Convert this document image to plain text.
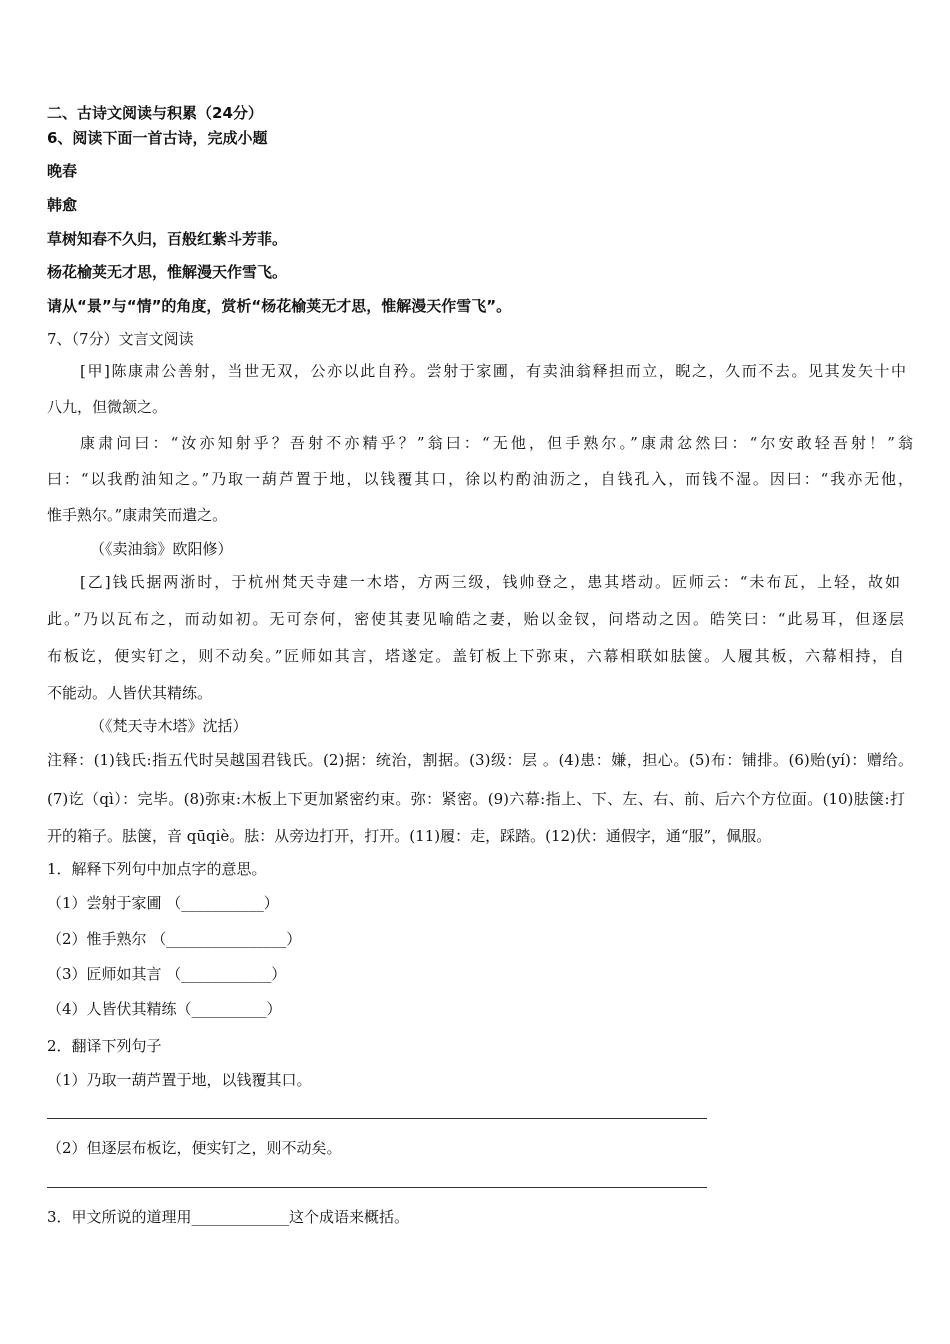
二、古诗文阅读与积累（24分）
6、阅读下面一首古诗，完成小题
晚春
韩愈
草树知春不久归，百般红紫斗芳菲。
杨花榆荚无才思，惟解漫天作雪飞。
请从“景”与“情”的角度，赏析“杨花榆荚无才思，惟解漫天作雪飞”。
7、（7分）文言文阅读
[甲]陈康肃公善射，当世无双，公亦以此自矜。尝射于家圃，有卖油翁释担而立，睨之，久而不去。见其发矢十中
八九，但微颔之。
康肃问曰：“汝亦知射乎？吾射不亦精乎？”翁曰：“无他，但手熟尔。”康肃忿然曰：“尔安敢轻吾射！”翁
曰：“以我酌油知之。”乃取一葫芦置于地，以钱覆其口，徐以杓酌油沥之，自钱孔入，而钱不湿。因曰：“我亦无他，
惟手熟尔。”康肃笑而遣之。
（《卖油翁》欧阳修）
[乙]钱氏据两浙时，于杭州梵天寺建一木塔，方两三级，钱帅登之，患其塔动。匠师云：“未布瓦，上轻，故如
此。”乃以瓦布之，而动如初。无可奈何，密使其妻见喻皓之妻，贻以金钗，问塔动之因。皓笑曰：“此易耳，但逐层
布板讫，便实钉之，则不动矣。”匠师如其言，塔遂定。盖钉板上下弥束，六幕相联如胠箧。人履其板，六幕相持，自
不能动。人皆伏其精练。
（《梵天寺木塔》沈括）
注释：(1)钱氏:指五代时吴越国君钱氏。(2)据：统治，割据。(3)级：层 。(4)患：嫌，担心。(5)布：铺排。(6)贻(yí)：赠给。
(7)讫（qì）：完毕。(8)弥束:木板上下更加紧密约束。弥：紧密。(9)六幕:指上、下、左、右、前、后六个方位面。(10)胠箧:打
开的箱子。胠箧，音 qūqiè。胠：从旁边打开，打开。(11)履：走，踩踏。(12)伏：通假字，通“服”，佩服。
1．解释下列句中加点字的意思。
（1）尝射于家圃 （___________）
（2）惟手熟尔 （________________）
（3）匠师如其言 （____________）
（4）人皆伏其精练（__________）
2．翻译下列句子
（1）乃取一葫芦置于地，以钱覆其口。
（2）但逐层布板讫，便实钉之，则不动矣。
3．甲文所说的道理用_____________这个成语来概括。
